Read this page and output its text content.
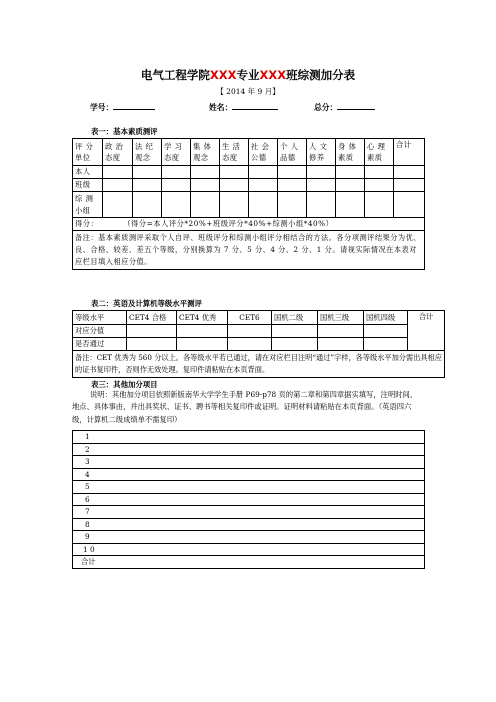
电气工程学院XXX专业XXX班综测加分表
【 2014 年 9 月】
学号：	姓名：	总分：
表一：基本素质测评
评 分 单位	政 治 态度	法 纪 观念	学 习 态度	集 体 观念	生 活 态度	社 会 公德	个 人 品德	人 文 修养	身 体 素质	心 理 素质	合计
本人											
班级											
综 测 小组											
得分： （得分=本人评分*20%+班级评分*40%+综测小组*40%）											
备注：基本素质测评采取个人自评、班级评分和综测小组评分相结合的方法。各分项测评结果分为优、良、合格、较差、差五个等级，分别换算为 7 分、5 分、4 分、2 分、1 分。请视实际情况在本表对应栏目填入相应分值。											
表二：英语及计算机等级水平测评
等级水平	CET4 合格	CET4 优秀	CET6	国机二级	国机三级	国机四级	合计
对应分值							
是否通过							
备注：CET 优秀为 560 分以上。各等级水平若已通过，请在对应栏目注明“通过”字样，各等级水平加分需出具相应的证书复印件，否则作无效处理。复印件请粘贴在本页背面。							
表三：其他加分项目
说明：其他加分项目依照新版南华大学学生手册 P69-p78 页的第二章和第四章据实填写，注明时间、地点、具体事由，并出具奖状、证书、聘书等相关复印件或证明。证明材料请粘贴在本页背面。（英语四六级，计算机二级成绩单不需复印）
1
2
3
4
5
6
7
8
9
1 0
合计
